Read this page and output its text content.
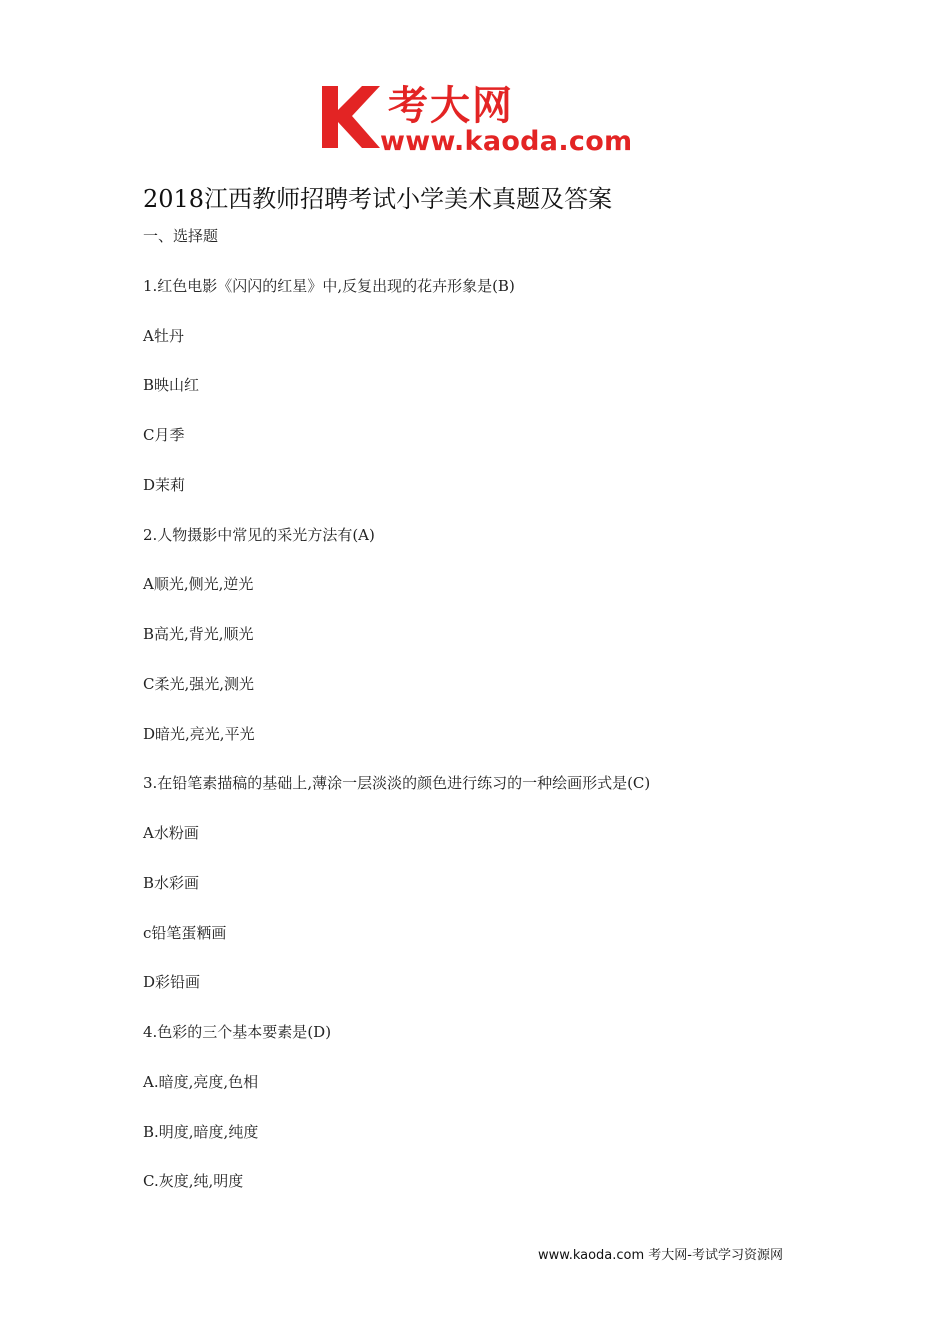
考大网
www.kaoda.com
2018江西教师招聘考试小学美术真题及答案
一、选择题
1.红色电影《闪闪的红星》中,反复出现的花卉形象是(B)
A牡丹
B映山红
C月季
D茉莉
2.人物摄影中常见的采光方法有(A)
A顺光,侧光,逆光
B高光,背光,顺光
C柔光,强光,测光
D暗光,亮光,平光
3.在铅笔素描稿的基础上,薄涂一层淡淡的颜色进行练习的一种绘画形式是(C)
A水粉画
B水彩画
c铅笔蛋粞画
D彩铅画
4.色彩的三个基本要素是(D)
A.暗度,亮度,色相
B.明度,暗度,纯度
C.灰度,纯,明度
www.kaoda.com 考大网-考试学习资源网
